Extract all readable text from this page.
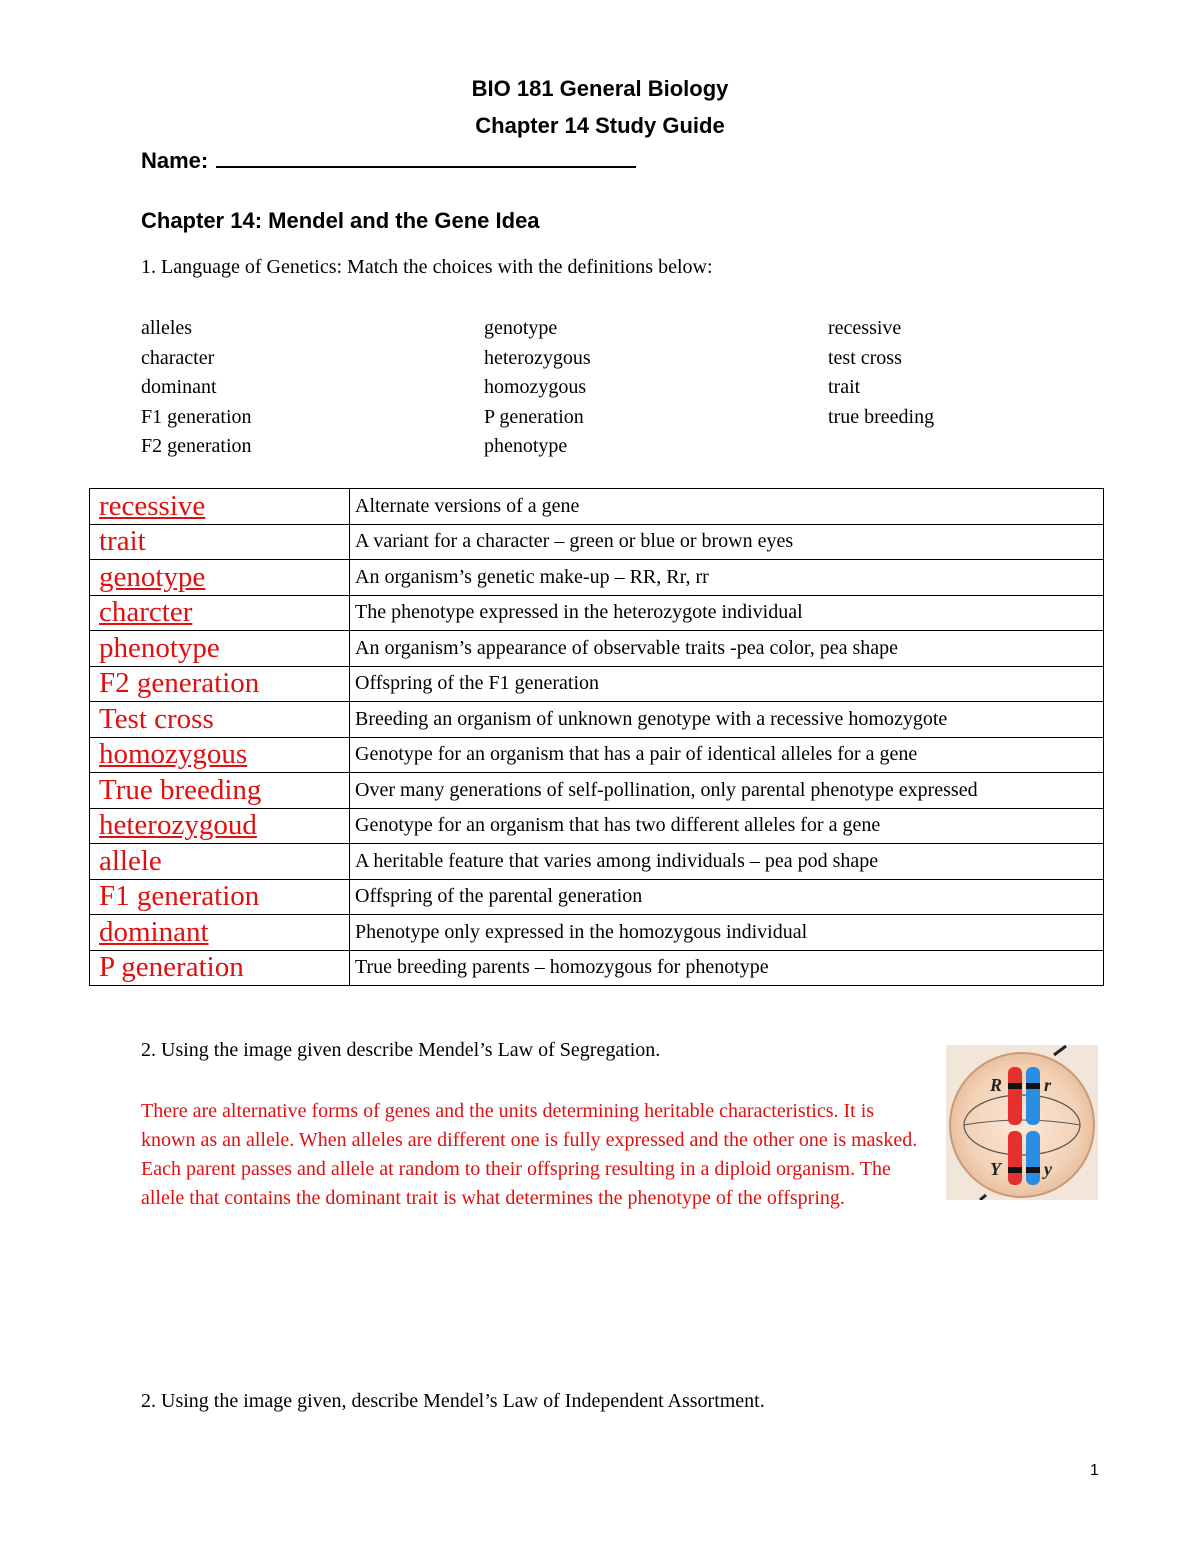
BIO 181 General Biology
Chapter 14 Study Guide
Name:
Chapter 14: Mendel and the Gene Idea
1. Language of Genetics: Match the choices with the definitions below:
alleles
character
dominant
F1 generation
F2 generation
genotype
heterozygous
homozygous
P generation
phenotype
recessive
test cross
trait
true breeding
recessive	Alternate versions of a gene
trait	A variant for a character – green or blue or brown eyes
genotype	An organism’s genetic make-up – RR, Rr, rr
charcter	The phenotype expressed in the heterozygote individual
phenotype	An organism’s appearance of observable traits -pea color, pea shape
F2 generation	Offspring of the F1 generation
Test cross	Breeding an organism of unknown genotype with a recessive homozygote
homozygous	Genotype for an organism that has a pair of identical alleles for a gene
True breeding	Over many generations of self-pollination, only parental phenotype expressed
heterozygoud	Genotype for an organism that has two different alleles for a gene
allele	A heritable feature that varies among individuals – pea pod shape
F1 generation	Offspring of the parental generation
dominant	Phenotype only expressed in the homozygous individual
P generation	True breeding parents – homozygous for phenotype
2. Using the image given describe Mendel’s Law of Segregation.
There are alternative forms of genes and the units determining heritable characteristics. It is known as an allele. When alleles are different one is fully expressed and the other one is masked. Each parent passes and allele at random to their offspring resulting in a diploid organism. The allele that contains the dominant trait is what determines the phenotype of the offspring.
R r
Y y
2. Using the image given, describe Mendel’s Law of Independent Assortment.
1
